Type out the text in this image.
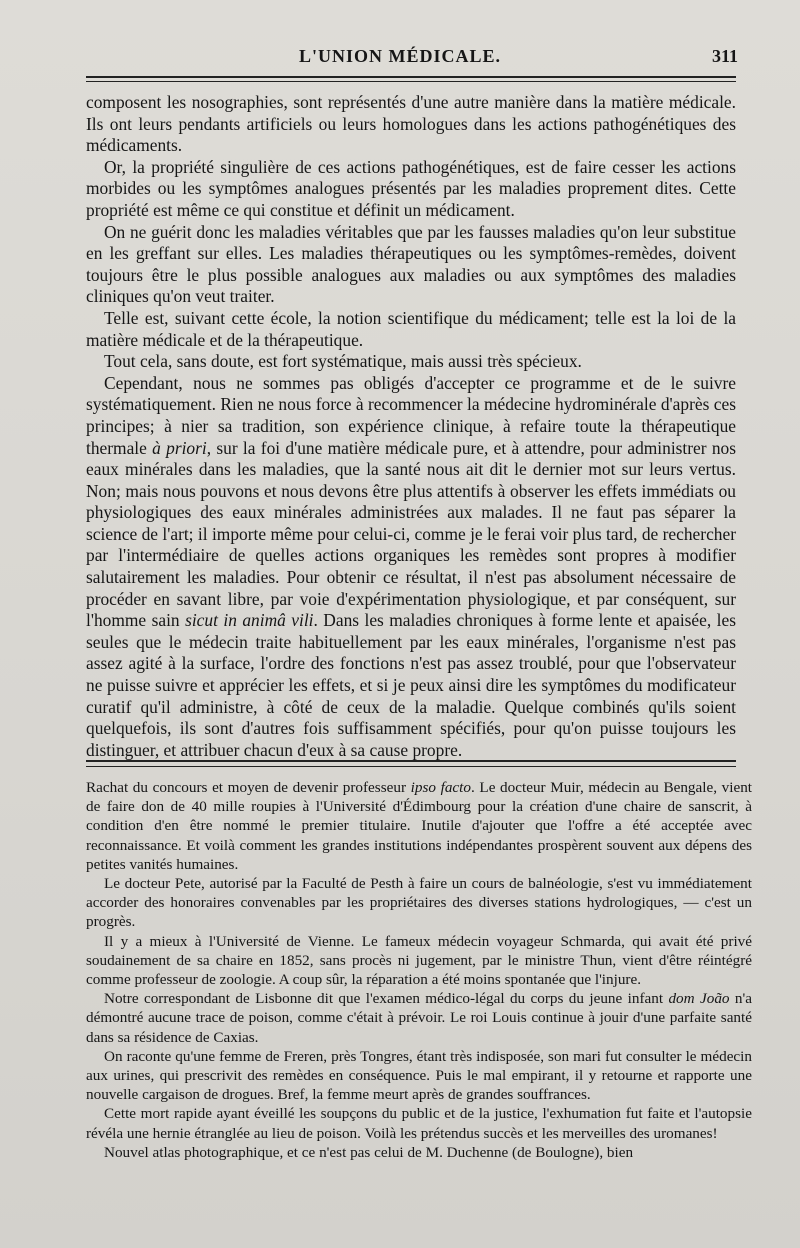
L'UNION MÉDICALE.	311

composent les nosographies, sont représentés d'une autre manière dans la matière médicale. Ils ont leurs pendants artificiels ou leurs homologues dans les actions pathogénétiques des médicaments.

Or, la propriété singulière de ces actions pathogénétiques, est de faire cesser les actions morbides ou les symptômes analogues présentés par les maladies proprement dites. Cette propriété est même ce qui constitue et définit un médicament.

On ne guérit donc les maladies véritables que par les fausses maladies qu'on leur substitue en les greffant sur elles. Les maladies thérapeutiques ou les symptômes-remèdes, doivent toujours être le plus possible analogues aux maladies ou aux symptômes des maladies cliniques qu'on veut traiter.

Telle est, suivant cette école, la notion scientifique du médicament; telle est la loi de la matière médicale et de la thérapeutique.

Tout cela, sans doute, est fort systématique, mais aussi très spécieux.

Cependant, nous ne sommes pas obligés d'accepter ce programme et de le suivre systématiquement. Rien ne nous force à recommencer la médecine hydrominérale d'après ces principes; à nier sa tradition, son expérience clinique, à refaire toute la thérapeutique thermale à priori, sur la foi d'une matière médicale pure, et à attendre, pour administrer nos eaux minérales dans les maladies, que la santé nous ait dit le dernier mot sur leurs vertus. Non; mais nous pouvons et nous devons être plus attentifs à observer les effets immédiats ou physiologiques des eaux minérales administrées aux malades. Il ne faut pas séparer la science de l'art; il importe même pour celui-ci, comme je le ferai voir plus tard, de rechercher par l'intermédiaire de quelles actions organiques les remèdes sont propres à modifier salutairement les maladies. Pour obtenir ce résultat, il n'est pas absolument nécessaire de procéder en savant libre, par voie d'expérimentation physiologique, et par conséquent, sur l'homme sain sicut in animâ vili. Dans les maladies chroniques à forme lente et apaisée, les seules que le médecin traite habituellement par les eaux minérales, l'organisme n'est pas assez agité à la surface, l'ordre des fonctions n'est pas assez troublé, pour que l'observateur ne puisse suivre et apprécier les effets, et si je peux ainsi dire les symptômes du modificateur curatif qu'il administre, à côté de ceux de la maladie. Quelque combinés qu'ils soient quelquefois, ils sont d'autres fois suffisamment spécifiés, pour qu'on puisse toujours les distinguer, et attribuer chacun d'eux à sa cause propre.

Rachat du concours et moyen de devenir professeur ipso facto. Le docteur Muir, médecin au Bengale, vient de faire don de 40 mille roupies à l'Université d'Édimbourg pour la création d'une chaire de sanscrit, à condition d'en être nommé le premier titulaire. Inutile d'ajouter que l'offre a été acceptée avec reconnaissance. Et voilà comment les grandes institutions indépendantes prospèrent souvent aux dépens des petites vanités humaines.

Le docteur Pete, autorisé par la Faculté de Pesth à faire un cours de balnéologie, s'est vu immédiatement accorder des honoraires convenables par les propriétaires des diverses stations hydrologiques, — c'est un progrès.

Il y a mieux à l'Université de Vienne. Le fameux médecin voyageur Schmarda, qui avait été privé soudainement de sa chaire en 1852, sans procès ni jugement, par le ministre Thun, vient d'être réintégré comme professeur de zoologie. A coup sûr, la réparation a été moins spontanée que l'injure.

Notre correspondant de Lisbonne dit que l'examen médico-légal du corps du jeune infant dom João n'a démontré aucune trace de poison, comme c'était à prévoir. Le roi Louis continue à jouir d'une parfaite santé dans sa résidence de Caxias.

On raconte qu'une femme de Freren, près Tongres, étant très indisposée, son mari fut consulter le médecin aux urines, qui prescrivit des remèdes en conséquence. Puis le mal empirant, il y retourne et rapporte une nouvelle cargaison de drogues. Bref, la femme meurt après de grandes souffrances.

Cette mort rapide ayant éveillé les soupçons du public et de la justice, l'exhumation fut faite et l'autopsie révéla une hernie étranglée au lieu de poison. Voilà les prétendus succès et les merveilles des uromanes!

Nouvel atlas photographique, et ce n'est pas celui de M. Duchenne (de Boulogne), bien
